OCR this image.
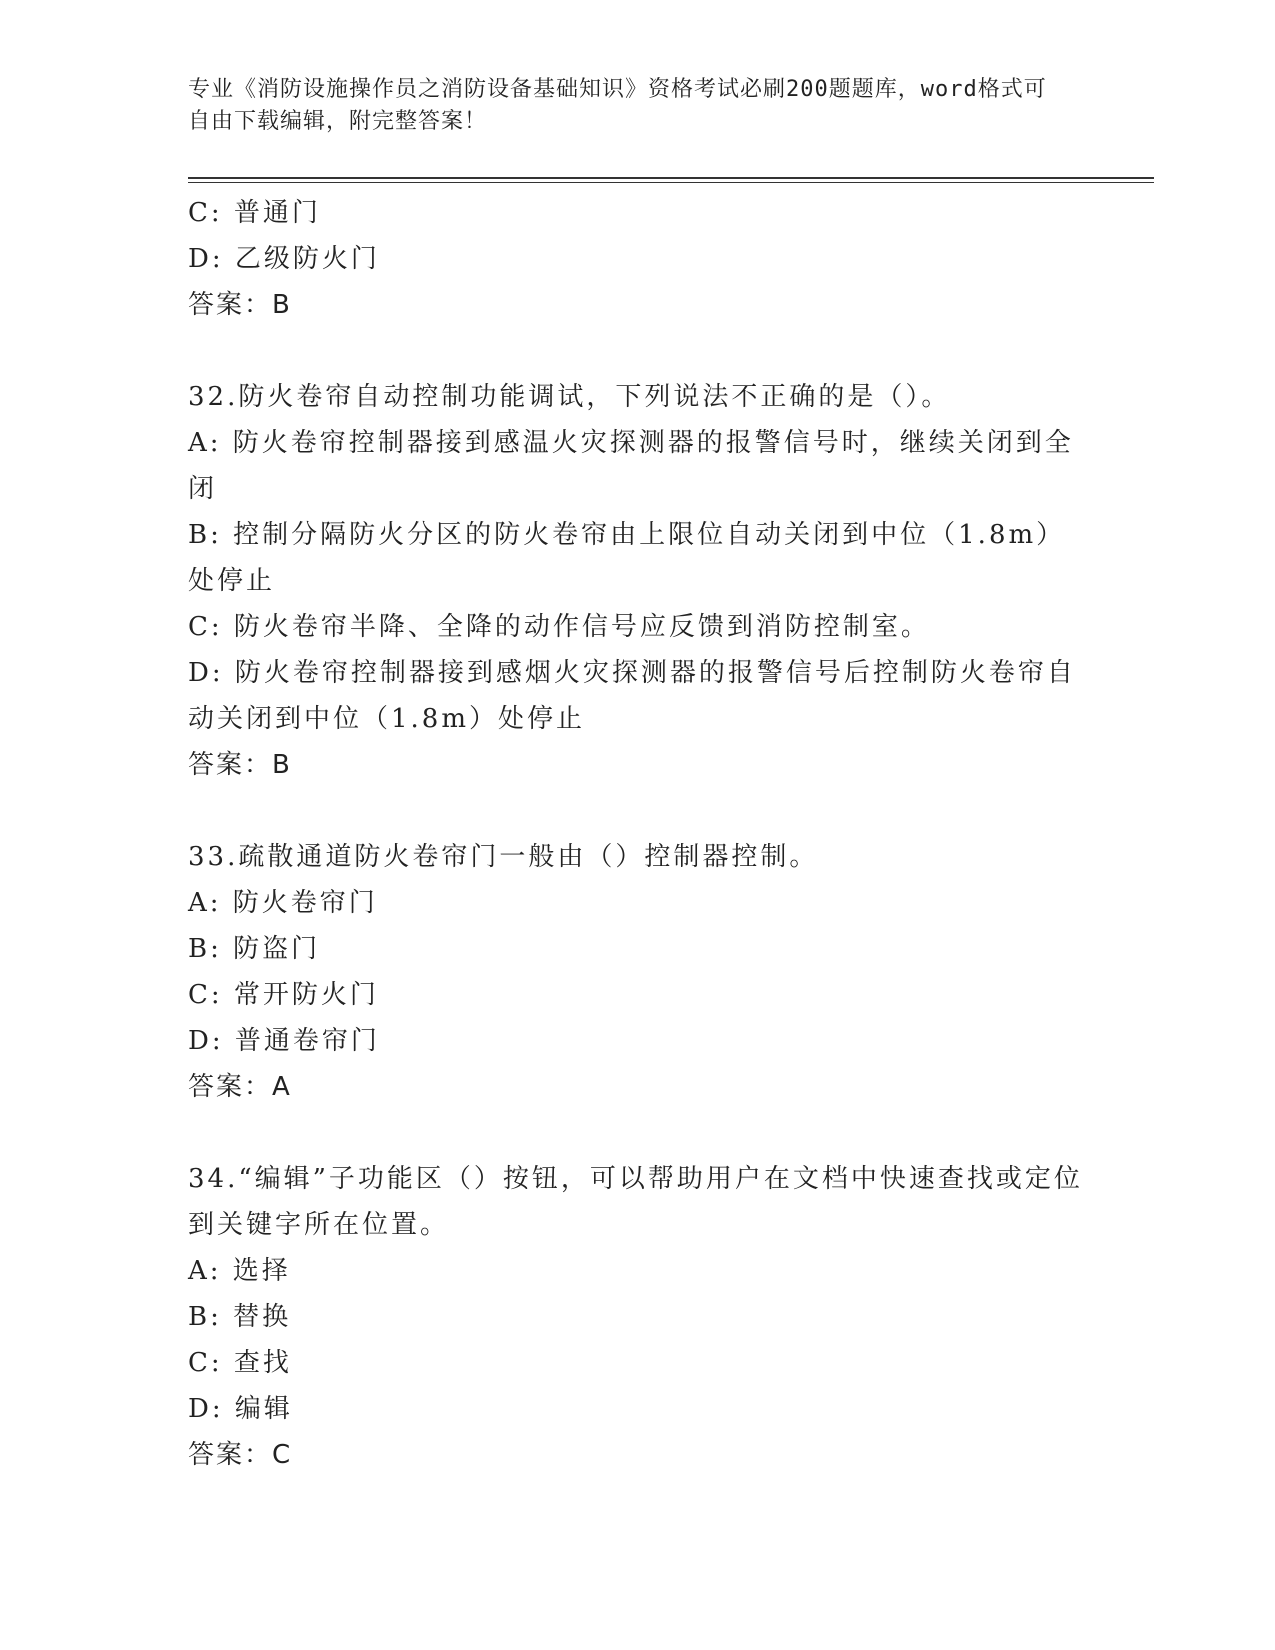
专业《消防设施操作员之消防设备基础知识》资格考试必刷200题题库，word格式可自由下载编辑，附完整答案！
C: 普通门
D: 乙级防火门
答案：B
32.防火卷帘自动控制功能调试，下列说法不正确的是（）。
A: 防火卷帘控制器接到感温火灾探测器的报警信号时，继续关闭到全闭
B: 控制分隔防火分区的防火卷帘由上限位自动关闭到中位（1.8m）处停止
C: 防火卷帘半降、全降的动作信号应反馈到消防控制室。
D: 防火卷帘控制器接到感烟火灾探测器的报警信号后控制防火卷帘自动关闭到中位（1.8m）处停止
答案：B
33.疏散通道防火卷帘门一般由（）控制器控制。
A: 防火卷帘门
B: 防盗门
C: 常开防火门
D: 普通卷帘门
答案：A
34.“编辑”子功能区（）按钮，可以帮助用户在文档中快速查找或定位到关键字所在位置。
A: 选择
B: 替换
C: 查找
D: 编辑
答案：C
